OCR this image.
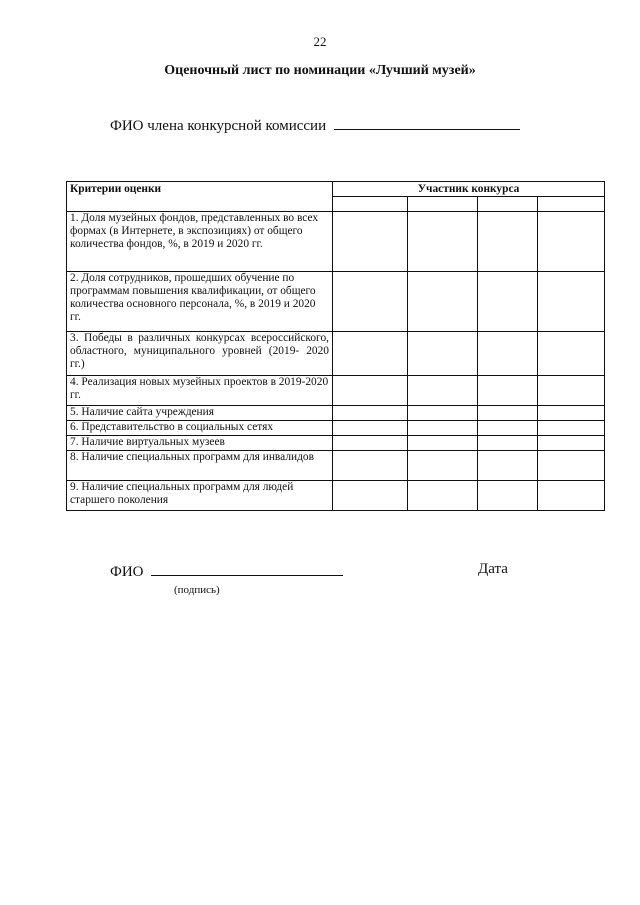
22
Оценочный лист по номинации «Лучший музей»
ФИО члена конкурсной комиссии
Критерии оценки	Участник конкурса			

1. Доля музейных фондов, представленных во всех формах (в Интернете, в экспозициях) от общего количества фондов, %, в 2019 и 2020 гг.				
2. Доля сотрудников, прошедших обучение по программам повышения квалификации, от общего количества основного персонала, %, в 2019 и 2020 гг.				
3. Победы в различных конкурсах всероссийского, областного, муниципального уровней (2019- 2020 гг.)				
4. Реализация новых музейных проектов в 2019-2020 гг.				
5. Наличие сайта учреждения				
6. Представительство в социальных сетях				
7. Наличие виртуальных музеев				
8. Наличие специальных программ для инвалидов				
9. Наличие специальных программ для людей старшего поколения				
ФИО
(подпись)
Дата
